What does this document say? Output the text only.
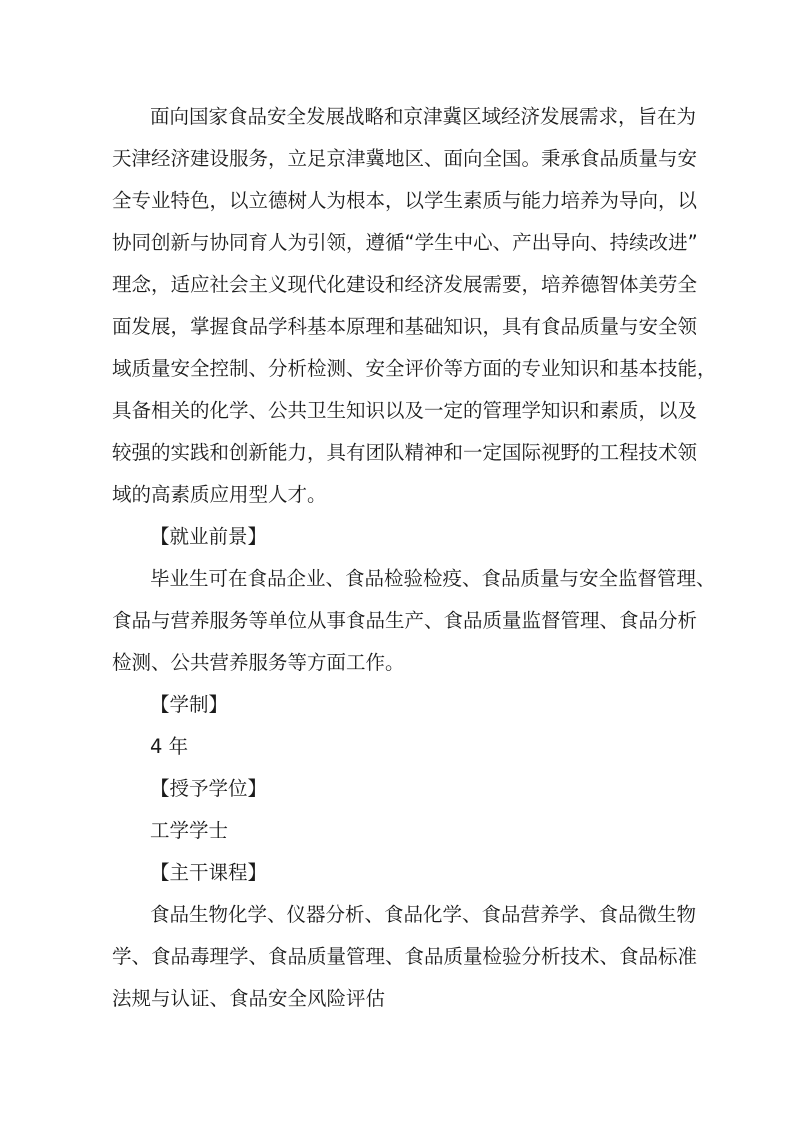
面向国家食品安全发展战略和京津冀区域经济发展需求，旨在为

天津经济建设服务，立足京津冀地区、面向全国。秉承食品质量与安

全专业特色，以立德树人为根本，以学生素质与能力培养为导向，以

协同创新与协同育人为引领，遵循“学生中心、产出导向、持续改进”

理念，适应社会主义现代化建设和经济发展需要，培养德智体美劳全

面发展，掌握食品学科基本原理和基础知识，具有食品质量与安全领

域质量安全控制、分析检测、安全评价等方面的专业知识和基本技能，

具备相关的化学、公共卫生知识以及一定的管理学知识和素质，以及

较强的实践和创新能力，具有团队精神和一定国际视野的工程技术领

域的高素质应用型人才。

【就业前景】

毕业生可在食品企业、食品检验检疫、食品质量与安全监督管理、

食品与营养服务等单位从事食品生产、食品质量监督管理、食品分析

检测、公共营养服务等方面工作。

【学制】

4 年

【授予学位】

工学学士

【主干课程】

食品生物化学、仪器分析、食品化学、食品营养学、食品微生物

学、食品毒理学、食品质量管理、食品质量检验分析技术、食品标准

法规与认证、食品安全风险评估
